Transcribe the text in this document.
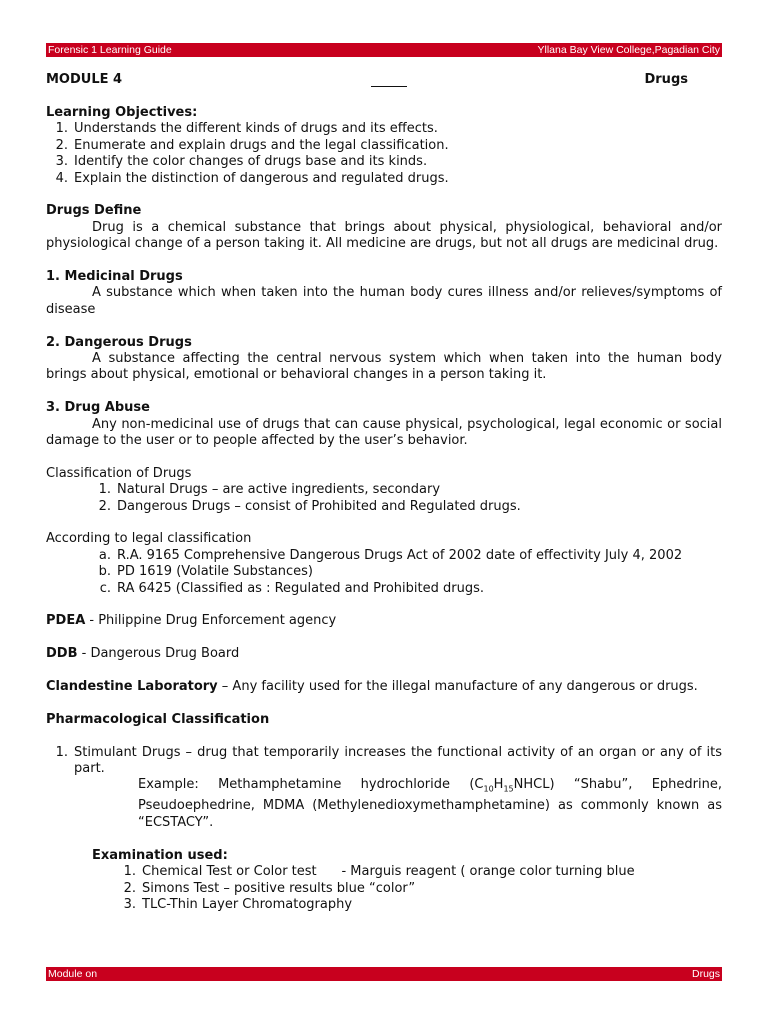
Forensic 1 Learning Guide	Yllana Bay View College,Pagadian City
MODULE 4	Drugs
Learning Objectives:
1. Understands the different kinds of drugs and its effects.
2. Enumerate and explain drugs and the legal classification.
3. Identify the color changes of drugs base and its kinds.
4. Explain the distinction of dangerous and regulated drugs.
Drugs Define

Drug is a chemical substance that brings about physical, physiological, behavioral and/or physiological change of a person taking it. All medicine are drugs, but not all drugs are medicinal drug.

1. Medicinal Drugs

A substance which when taken into the human body cures illness and/or relieves/symptoms of disease

2. Dangerous Drugs

A substance affecting the central nervous system which when taken into the human body brings about physical, emotional or behavioral changes in a person taking it.

3. Drug Abuse

Any non-medicinal use of drugs that can cause physical, psychological, legal economic or social damage to the user or to people affected by the user’s behavior.

Classification of Drugs

1. Natural Drugs – are active ingredients, secondary
2. Dangerous Drugs – consist of Prohibited and Regulated drugs.

According to legal classification

a. R.A. 9165 Comprehensive Dangerous Drugs Act of 2002 date of effectivity July 4, 2002
b. PD 1619 (Volatile Substances)
c. RA 6425 (Classified as : Regulated and Prohibited drugs.

PDEA - Philippine Drug Enforcement agency

DDB - Dangerous Drug Board

Clandestine Laboratory – Any facility used for the illegal manufacture of any dangerous or drugs.

Pharmacological Classification
1. Stimulant Drugs – drug that temporarily increases the functional activity of an organ or any of its part.

Example: Methamphetamine hydrochloride $(C_{10}H_{15}NHCL)$ “Shabu”, Ephedrine, Pseudoephedrine, MDMA (Methylenedioxymethamphetamine) as commonly known as “ECSTACY”.

Examination used:

1. Chemical Test or Color test      - Marguis reagent ( orange color turning blue
2. Simons Test – positive results blue “color”
3. TLC-Thin Layer Chromatography
Module on	Drugs
